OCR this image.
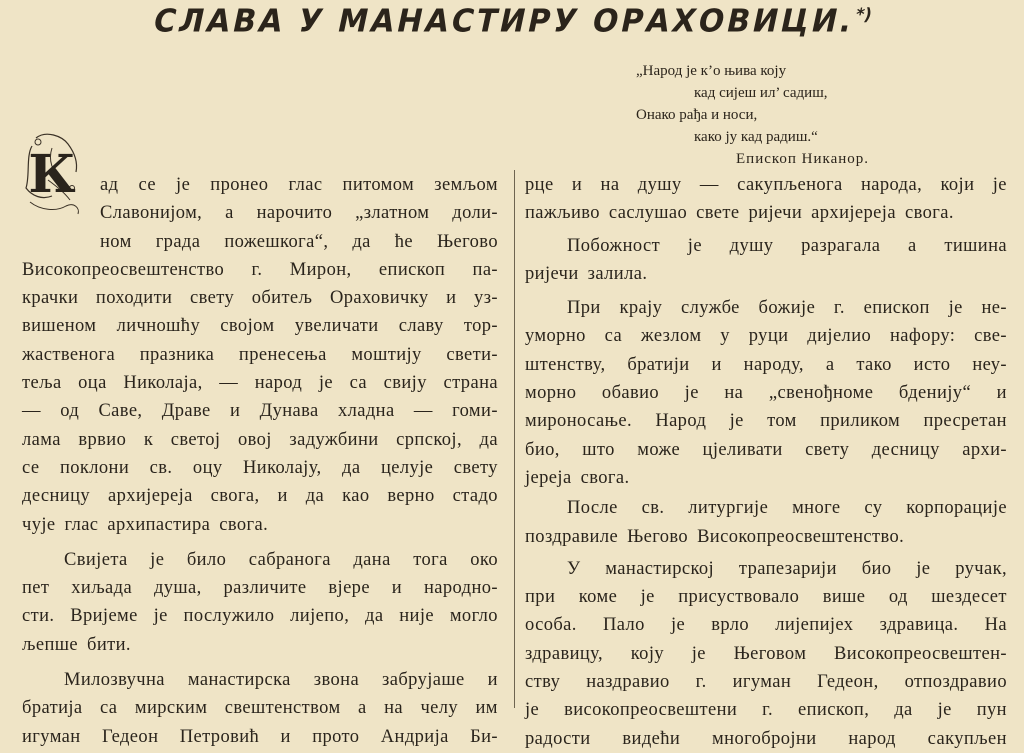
СЛАВА У МАНАСТИРУ ОРАХОВИЦИ.*)
„Народ је к’о њива коју
кад сијеш ил’ садиш,
Онако рађа и носи,
како ју кад радиш.“
Епископ Никанор.
К ад се је пронео глас питомом земљом
Славонијом, а нарочито „златном доли-
ном града пожешкога“, да ће Његово
Високопреосвештенство г. Мирон, епископ па-
крачки походити свету обитељ Ораховичку и уз-
вишеном личношћу својом увеличати славу тор-
жаственога празника пренесења моштију свети-
теља оца Николаја, — народ је са свију страна
— од Саве, Драве и Дунава хладна — гоми-
лама врвио к светој овој задужбини српској, да
се поклони св. оцу Николају, да целује свету
десницу архијереја свога, и да као верно стадо
чује глас архипастира свога.
Свијета је било сабранога дана тога око
пет хиљада душа, различите вјере и народно-
сти. Вријеме је послужило лијепо, да није могло
љепше бити.
Милозвучна манастирска звона забрујаше и
братија са мирским свештенством а на челу им
игуман Гедеон Петровић и прото Андрија Би-
рце и на душу — сакупљенога народа, који је
пажљиво саслушао свете ријечи архијереја свога.
Побожност је душу разрагала а тишина
ријечи залила.
При крају службе божије г. епископ је не-
уморно са жезлом у руци дијелио нафору: све-
штенству, братији и народу, а тако исто неу-
морно обавио је на „свенођноме бденију“ и
мироносање. Народ је том приликом пресретан
био, што може цјеливати свету десницу архи-
јереја свога.
После св. литургије многе су корпорације
поздравиле Његово Високопреосвештенство.
У манастирској трапезарији био је ручак,
при коме је присуствовало више од шездесет
особа. Пало је врло лијепијех здравица. На
здравицу, коју је Његовом Високопреосвештен-
ству наздравио г. игуман Гедеон, отпоздравио
је високопреосвештени г. епископ, да је пун
радости видећи многобројни народ сакупљен
